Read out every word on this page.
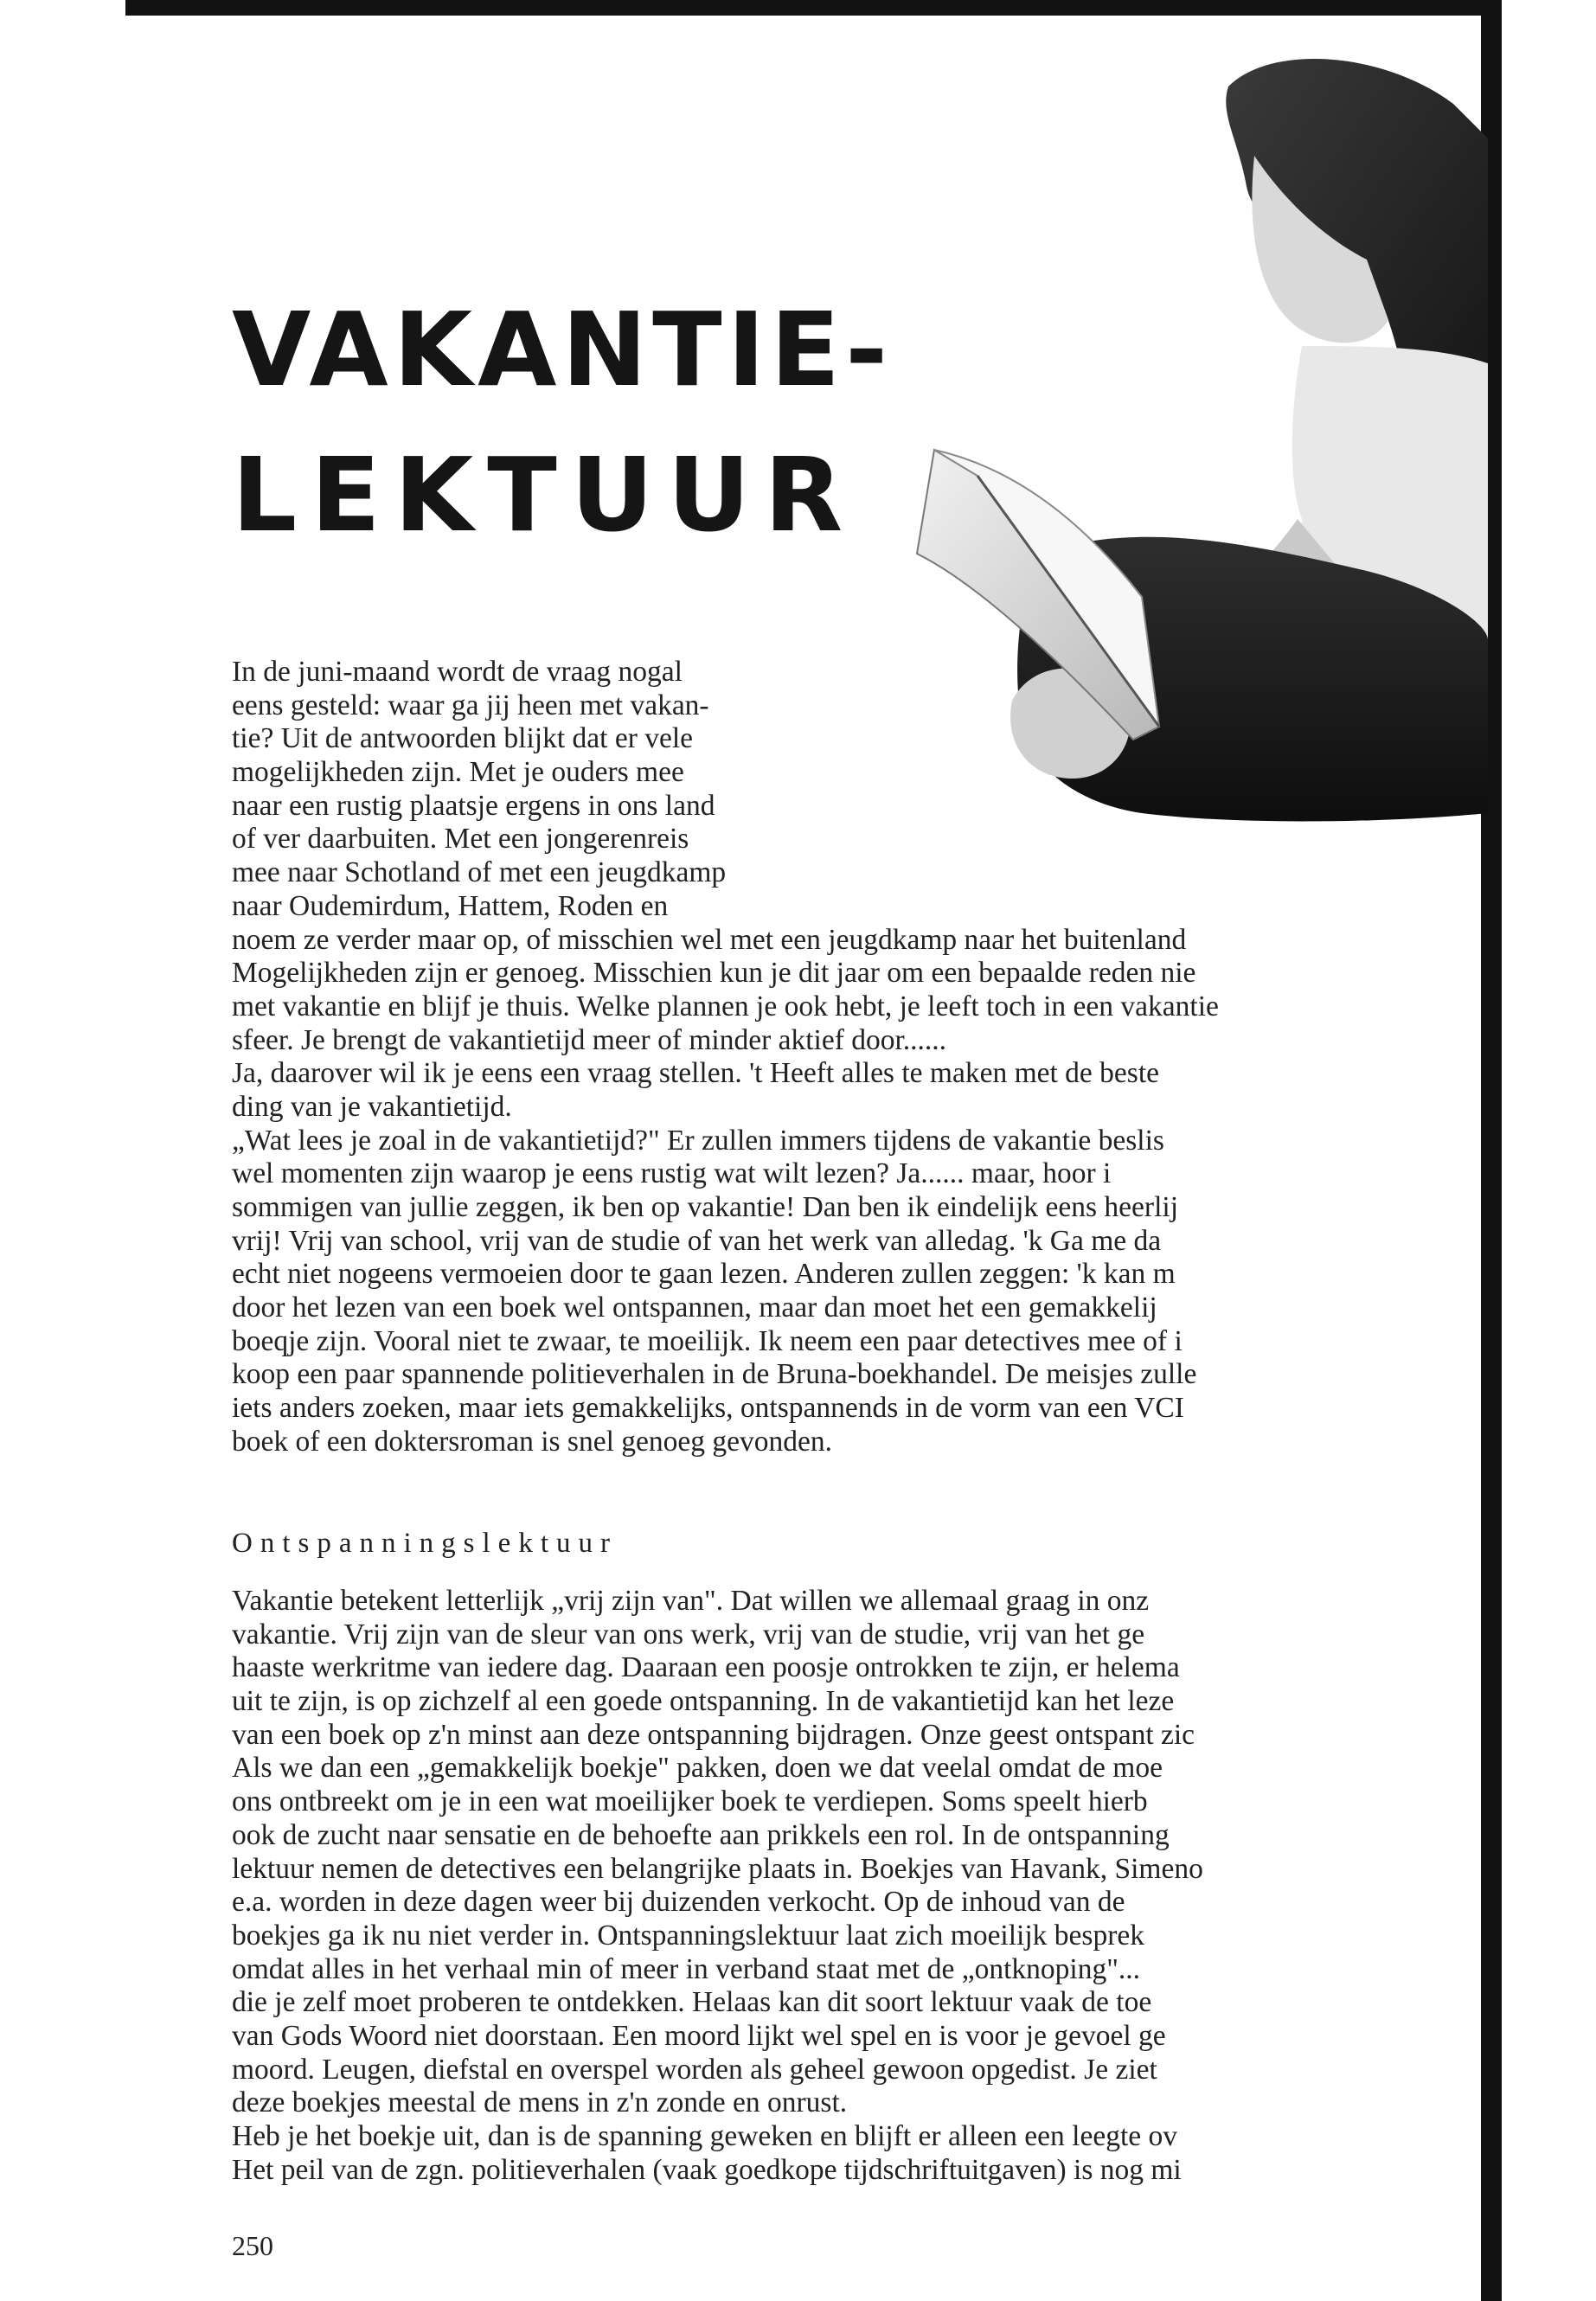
VAKANTIE-
LEKTUUR
In de juni-maand wordt de vraag nogal
eens gesteld: waar ga jij heen met vakan-
tie? Uit de antwoorden blijkt dat er vele
mogelijkheden zijn. Met je ouders mee
naar een rustig plaatsje ergens in ons land
of ver daarbuiten. Met een jongerenreis
mee naar Schotland of met een jeugdkamp
naar Oudemirdum, Hattem, Roden en
noem ze verder maar op, of misschien wel met een jeugdkamp naar het buitenland
Mogelijkheden zijn er genoeg. Misschien kun je dit jaar om een bepaalde reden nie
met vakantie en blijf je thuis. Welke plannen je ook hebt, je leeft toch in een vakantie
sfeer. Je brengt de vakantietijd meer of minder aktief door......
Ja, daarover wil ik je eens een vraag stellen. 't Heeft alles te maken met de beste
ding van je vakantietijd.
„Wat lees je zoal in de vakantietijd?" Er zullen immers tijdens de vakantie beslis
wel momenten zijn waarop je eens rustig wat wilt lezen? Ja...... maar, hoor i
sommigen van jullie zeggen, ik ben op vakantie! Dan ben ik eindelijk eens heerlij
vrij! Vrij van school, vrij van de studie of van het werk van alledag. 'k Ga me da
echt niet nogeens vermoeien door te gaan lezen. Anderen zullen zeggen: 'k kan m
door het lezen van een boek wel ontspannen, maar dan moet het een gemakkelij
boeqje zijn. Vooral niet te zwaar, te moeilijk. Ik neem een paar detectives mee of i
koop een paar spannende politieverhalen in de Bruna-boekhandel. De meisjes zulle
iets anders zoeken, maar iets gemakkelijks, ontspannends in de vorm van een VCI
boek of een doktersroman is snel genoeg gevonden.
Ontspanningslektuur
Vakantie betekent letterlijk „vrij zijn van". Dat willen we allemaal graag in onz
vakantie. Vrij zijn van de sleur van ons werk, vrij van de studie, vrij van het ge
haaste werkritme van iedere dag. Daaraan een poosje ontrokken te zijn, er helema
uit te zijn, is op zichzelf al een goede ontspanning. In de vakantietijd kan het leze
van een boek op z'n minst aan deze ontspanning bijdragen. Onze geest ontspant zic
Als we dan een „gemakkelijk boekje" pakken, doen we dat veelal omdat de moe
ons ontbreekt om je in een wat moeilijker boek te verdiepen. Soms speelt hierb
ook de zucht naar sensatie en de behoefte aan prikkels een rol. In de ontspanning
lektuur nemen de detectives een belangrijke plaats in. Boekjes van Havank, Simeno
e.a. worden in deze dagen weer bij duizenden verkocht. Op de inhoud van de
boekjes ga ik nu niet verder in. Ontspanningslektuur laat zich moeilijk besprek
omdat alles in het verhaal min of meer in verband staat met de „ontknoping"...
die je zelf moet proberen te ontdekken. Helaas kan dit soort lektuur vaak de toe
van Gods Woord niet doorstaan. Een moord lijkt wel spel en is voor je gevoel ge
moord. Leugen, diefstal en overspel worden als geheel gewoon opgedist. Je ziet
deze boekjes meestal de mens in z'n zonde en onrust.
Heb je het boekje uit, dan is de spanning geweken en blijft er alleen een leegte ov
Het peil van de zgn. politieverhalen (vaak goedkope tijdschriftuitgaven) is nog mi
250
